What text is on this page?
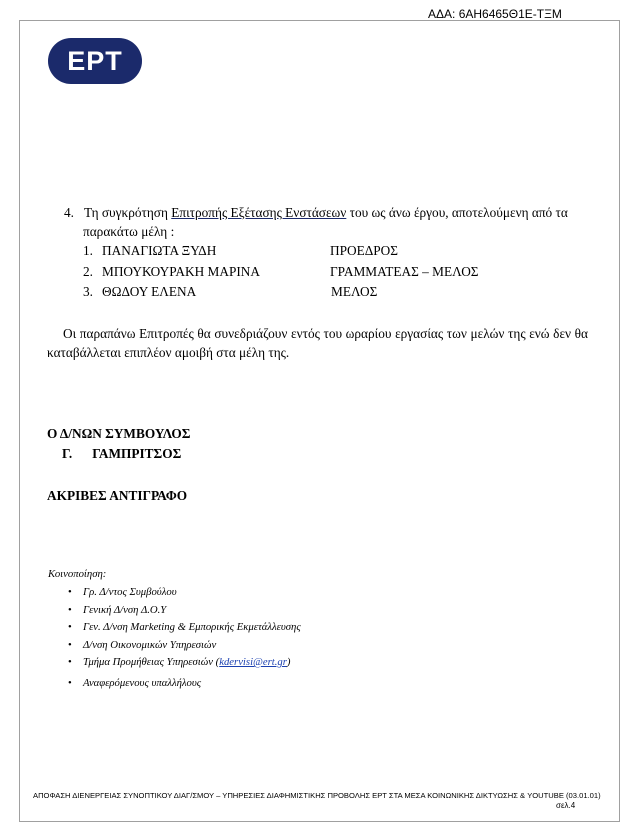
ΑΔΑ: 6ΑΗ6465Θ1Ε-ΤΞΜ
ΕΡΤ
4. Τη συγκρότηση Επιτροπής Εξέτασης Ενστάσεων του ως άνω έργου, αποτελούμενη από τα
παρακάτω μέλη :
1. ΠΑΝΑΓΙΩΤΑ ΞΥΔΗ	ΠΡΟΕΔΡΟΣ
2. ΜΠΟΥΚΟΥΡΑΚΗ ΜΑΡΙΝΑ	ΓΡΑΜΜΑΤΕΑΣ – ΜΕΛΟΣ
3. ΘΩΔΟΥ ΕΛΕΝΑ	ΜΕΛΟΣ
Οι παραπάνω Επιτροπές θα συνεδριάζουν εντός του ωραρίου εργασίας των μελών της ενώ δεν θα καταβάλλεται επιπλέον αμοιβή στα μέλη της.
Ο Δ/ΝΩΝ ΣΥΜΒΟΥΛΟΣ
Γ. ΓΑΜΠΡΙΤΣΟΣ
ΑΚΡΙΒΕΣ ΑΝΤΙΓΡΑΦΟ
Κοινοποίηση:
• Γρ. Δ/ντος Συμβούλου
• Γενική Δ/νση Δ.Ο.Υ
• Γεν. Δ/νση Marketing & Εμπορικής Εκμετάλλευσης
• Δ/νση Οικονομικών Υπηρεσιών
• Τμήμα Προμήθειας Υπηρεσιών (kdervisi@ert.gr)
• Αναφερόμενους υπαλλήλους
ΑΠΟΦΑΣΗ ΔΙΕΝΕΡΓΕΙΑΣ ΣΥΝΟΠΤΙΚΟΥ ΔΙΑΓ/ΣΜΟΥ – ΥΠΗΡΕΣΙΕΣ ΔΙΑΦΗΜΙΣΤΙΚΗΣ ΠΡΟΒΟΛΗΣ ΕΡΤ ΣΤΑ ΜΕΣΑ ΚΟΙΝΩΝΙΚΗΣ ΔΙΚΤΥΩΣΗΣ & YOUTUBE (03.01.01)
σελ.4
